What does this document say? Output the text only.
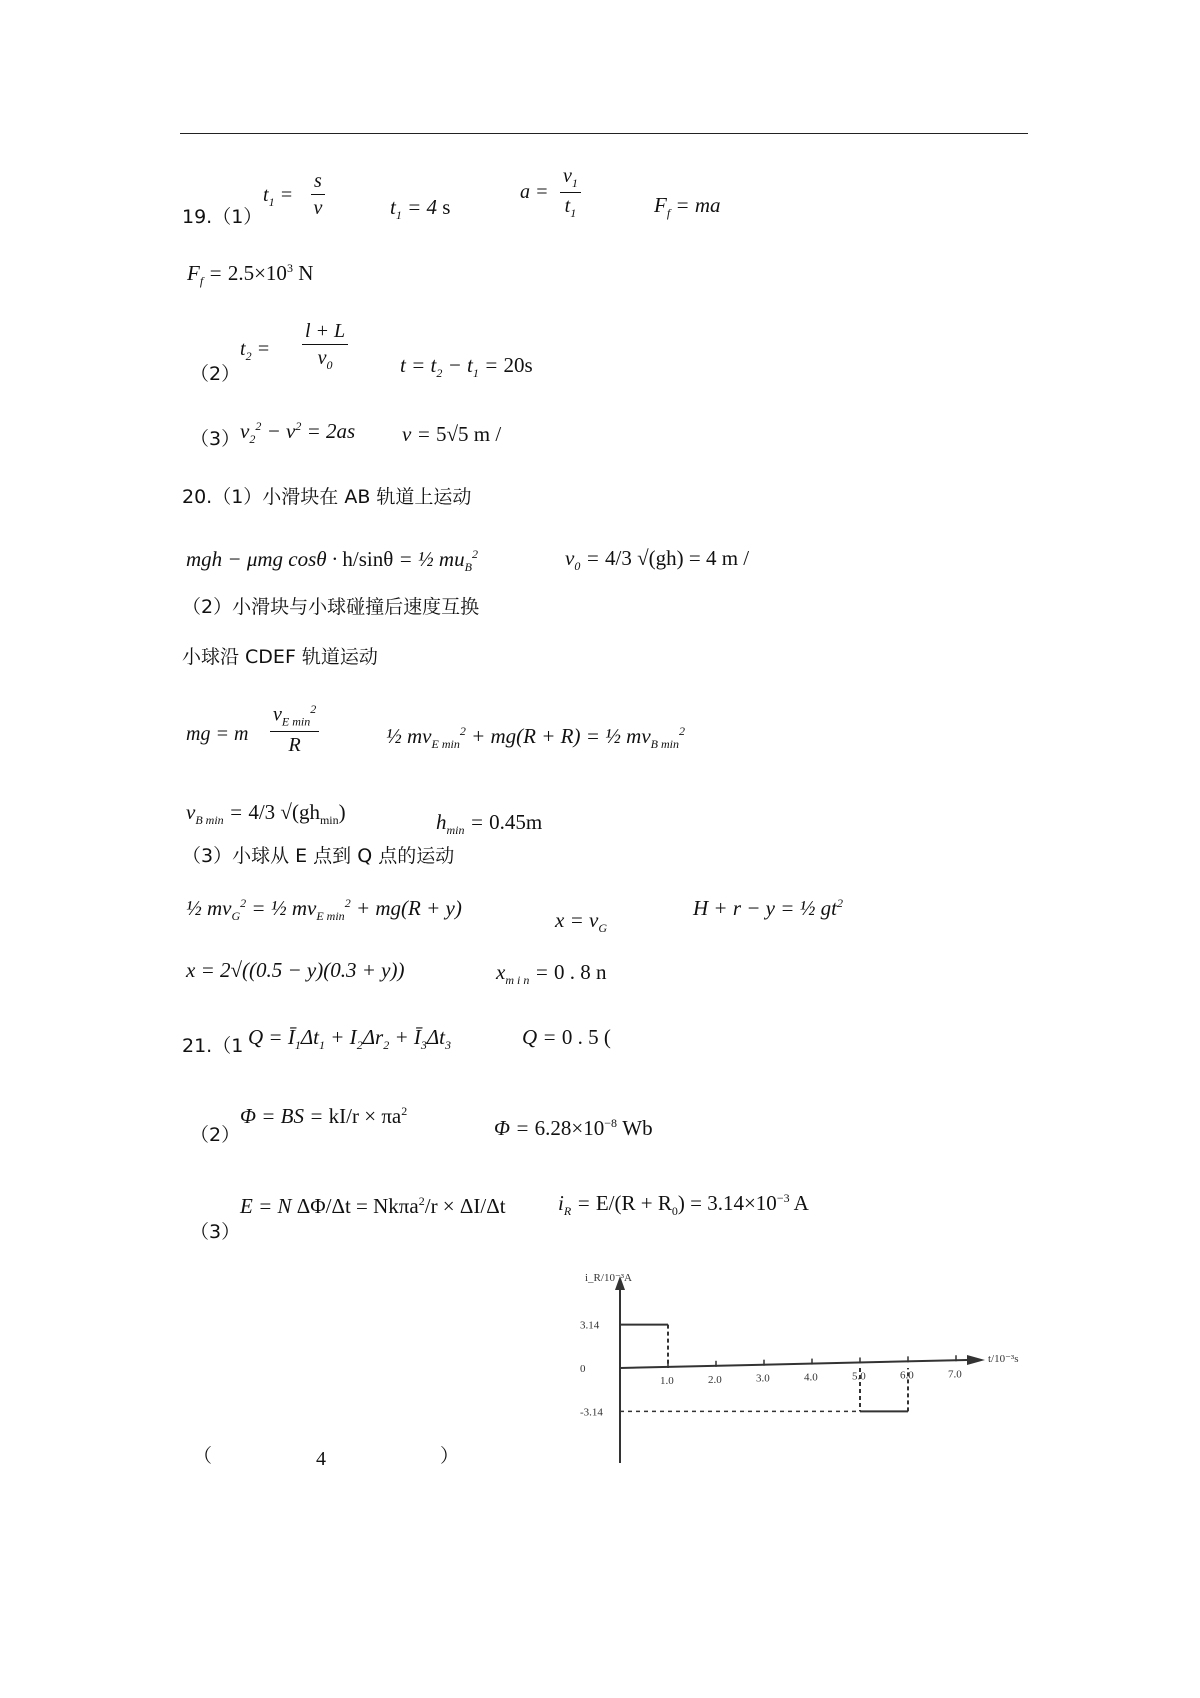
19.（1）
$t_1$ =
s
v	$t_1 = 4$ s
a =
$v_1$
$t_1$	$F_f$ = ma
$F_f = 2.5\times 10^3$ N
（2）
$t_2$ =
l + L
$v_0$	$t = t_2 - t_1 = 20s$
（3） $v_2^2 - v^2 = 2as$ v = 5√5 m /
20.（1）小滑块在 AB 轨道上运动
mgh − μmg cosθ · h/sinθ = ½ $mu_B^2$	$v_0 = 4/3$ √(gh) = 4 m /
（2）小滑块与小球碰撞后速度互换
小球沿 CDEF 轨道运动
mg = m
$v_{E min}^2$
R	½ $mv_{E min}^2 + mg(R + R)$ = ½ $mv_{B min}^2$
$v_{B min} = 4/3$ $√(gh_{min})$	$h_{min} = 0.45m$
（3）小球从 E 点到 Q 点的运动
½ $mv_G^2$ = ½ $mv_{E min}^2 + mg(R + y)$	$x = v_G$
H + r − y = ½ $gt^2$
x = 2√((0.5 − y)(0.3 + y))	$x_{m i n} = 0$ . 8 n
21.（1 $Q = Ī_1\Delta t_1 + I_2\Delta r_2$ + $Ī_3\Delta t_3$	Q = 0 . 5 (
（2）
Φ = BS = $kI/r \times \pi a^2$
$\Phi = 6.28\times 10^{-8}$ Wb
（3）
E = N ΔΦ/Δt = Nkπa$^2$/r × ΔI/Δt $i_R = E/(R + R_0) = 3.14\times 10^{-3}$ A
（	4	）
i_R/10⁻³A
t/10⁻³s
1.0	2.0	3.0	4.0	5.0	6.0	7.0
3.14
0
-3.14
